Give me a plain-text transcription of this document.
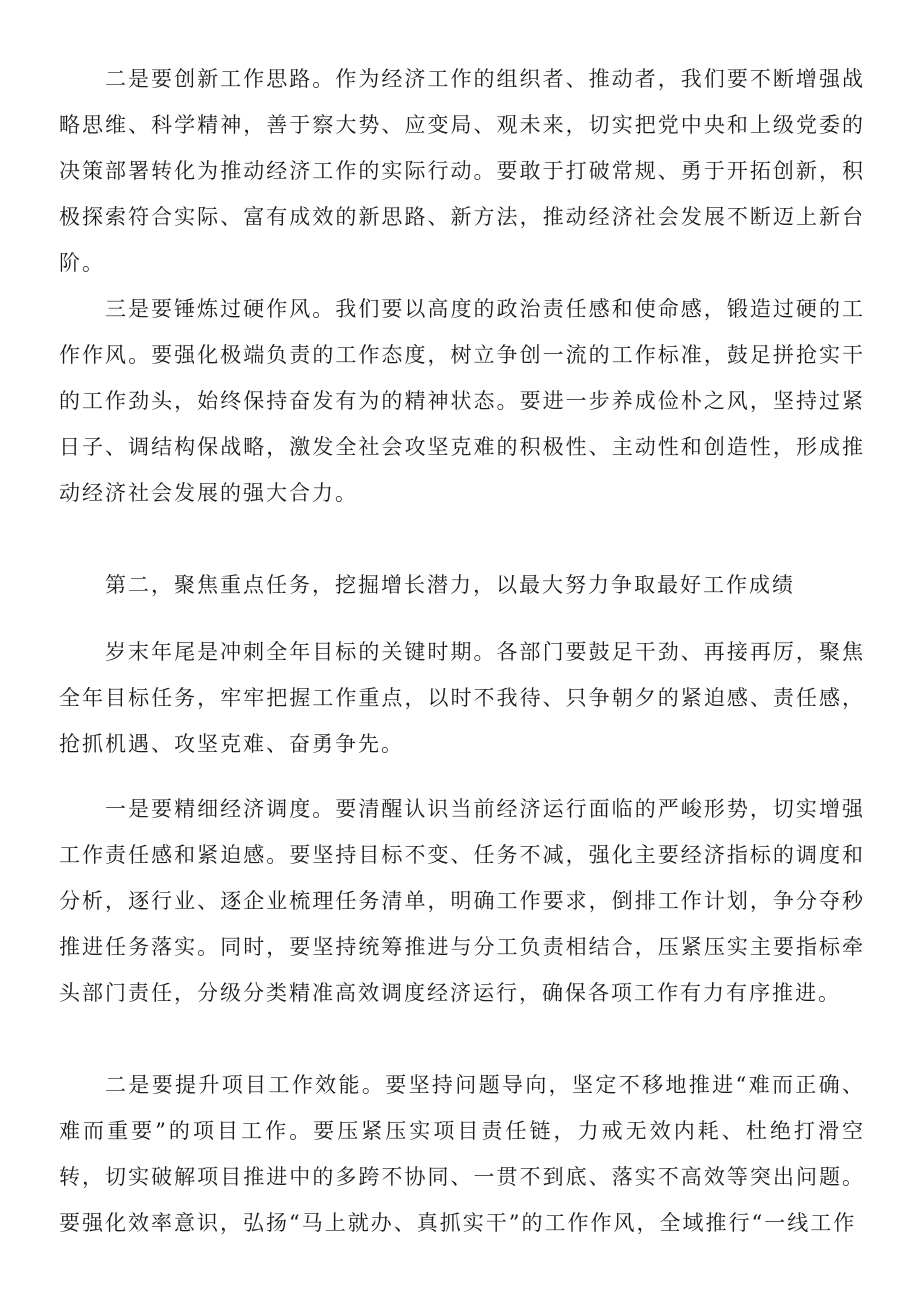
二是要创新工作思路。作为经济工作的组织者、推动者，我们要不断增强战略思维、科学精神，善于察大势、应变局、观未来，切实把党中央和上级党委的决策部署转化为推动经济工作的实际行动。要敢于打破常规、勇于开拓创新，积极探索符合实际、富有成效的新思路、新方法，推动经济社会发展不断迈上新台阶。

三是要锤炼过硬作风。我们要以高度的政治责任感和使命感，锻造过硬的工作作风。要强化极端负责的工作态度，树立争创一流的工作标准，鼓足拼抢实干的工作劲头，始终保持奋发有为的精神状态。要进一步养成俭朴之风，坚持过紧日子、调结构保战略，激发全社会攻坚克难的积极性、主动性和创造性，形成推动经济社会发展的强大合力。

第二，聚焦重点任务，挖掘增长潜力，以最大努力争取最好工作成绩

岁末年尾是冲刺全年目标的关键时期。各部门要鼓足干劲、再接再厉，聚焦全年目标任务，牢牢把握工作重点，以时不我待、只争朝夕的紧迫感、责任感，抢抓机遇、攻坚克难、奋勇争先。

一是要精细经济调度。要清醒认识当前经济运行面临的严峻形势，切实增强工作责任感和紧迫感。要坚持目标不变、任务不减，强化主要经济指标的调度和分析，逐行业、逐企业梳理任务清单，明确工作要求，倒排工作计划，争分夺秒推进任务落实。同时，要坚持统筹推进与分工负责相结合，压紧压实主要指标牵头部门责任，分级分类精准高效调度经济运行，确保各项工作有力有序推进。

二是要提升项目工作效能。要坚持问题导向，坚定不移地推进“难而正确、难而重要”的项目工作。要压紧压实项目责任链，力戒无效内耗、杜绝打滑空转，切实破解项目推进中的多跨不协同、一贯不到底、落实不高效等突出问题。要强化效率意识，弘扬“马上就办、真抓实干”的工作作风，全域推行“一线工作
